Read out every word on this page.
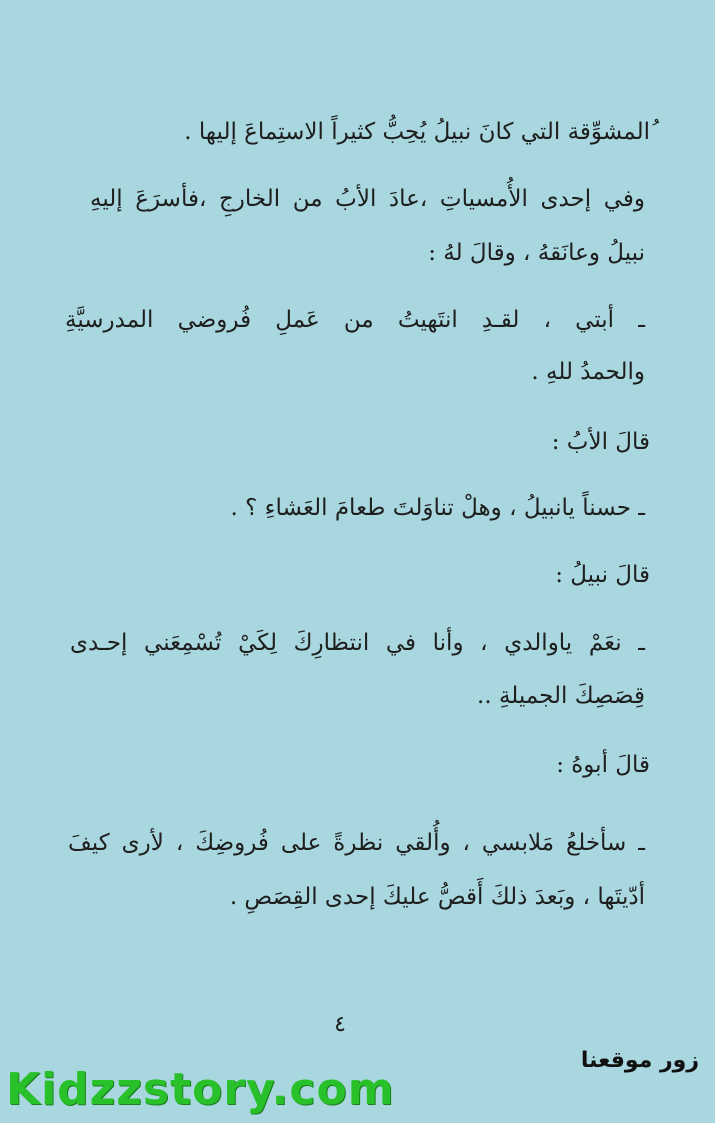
ُالمشوِّقة التي كانَ نبيلُ يُحِبُّ كثيراً الاستِماعَ إليها .
وفي إحدى الأُمسياتِ ،عادَ الأبُ من الخارجِ ،فأسرَعَ إليهِ
نبيلُ وعانَقهُ ، وقالَ لهُ :
ـ أبتي ، لقـدِ انتَهيتُ من عَملِ فُروضي المدرسيَّةِ
والحمدُ للهِ .
قالَ الأبُ :
ـ حسناً يانبيلُ ، وهلْ تناوَلتَ طعامَ العَشاءِ ؟ .
قالَ نبيلُ :
ـ نعَمْ ياوالدي ، وأنا في انتظارِكَ لِكَيْ تُسْمِعَني إحـدى
قِصَصِكَ الجميلةِ ..
قالَ أبوهُ :
ـ سأخلعُ مَلابسي ، وأُلقي نظرةً على فُروضِكَ ، لأرى كيفَ
أدّيتَها ، وبَعدَ ذلكَ أَقصُّ عليكَ إحدى القِصَصِ .
٤
زور موقعنا
Kidzzstory.com
